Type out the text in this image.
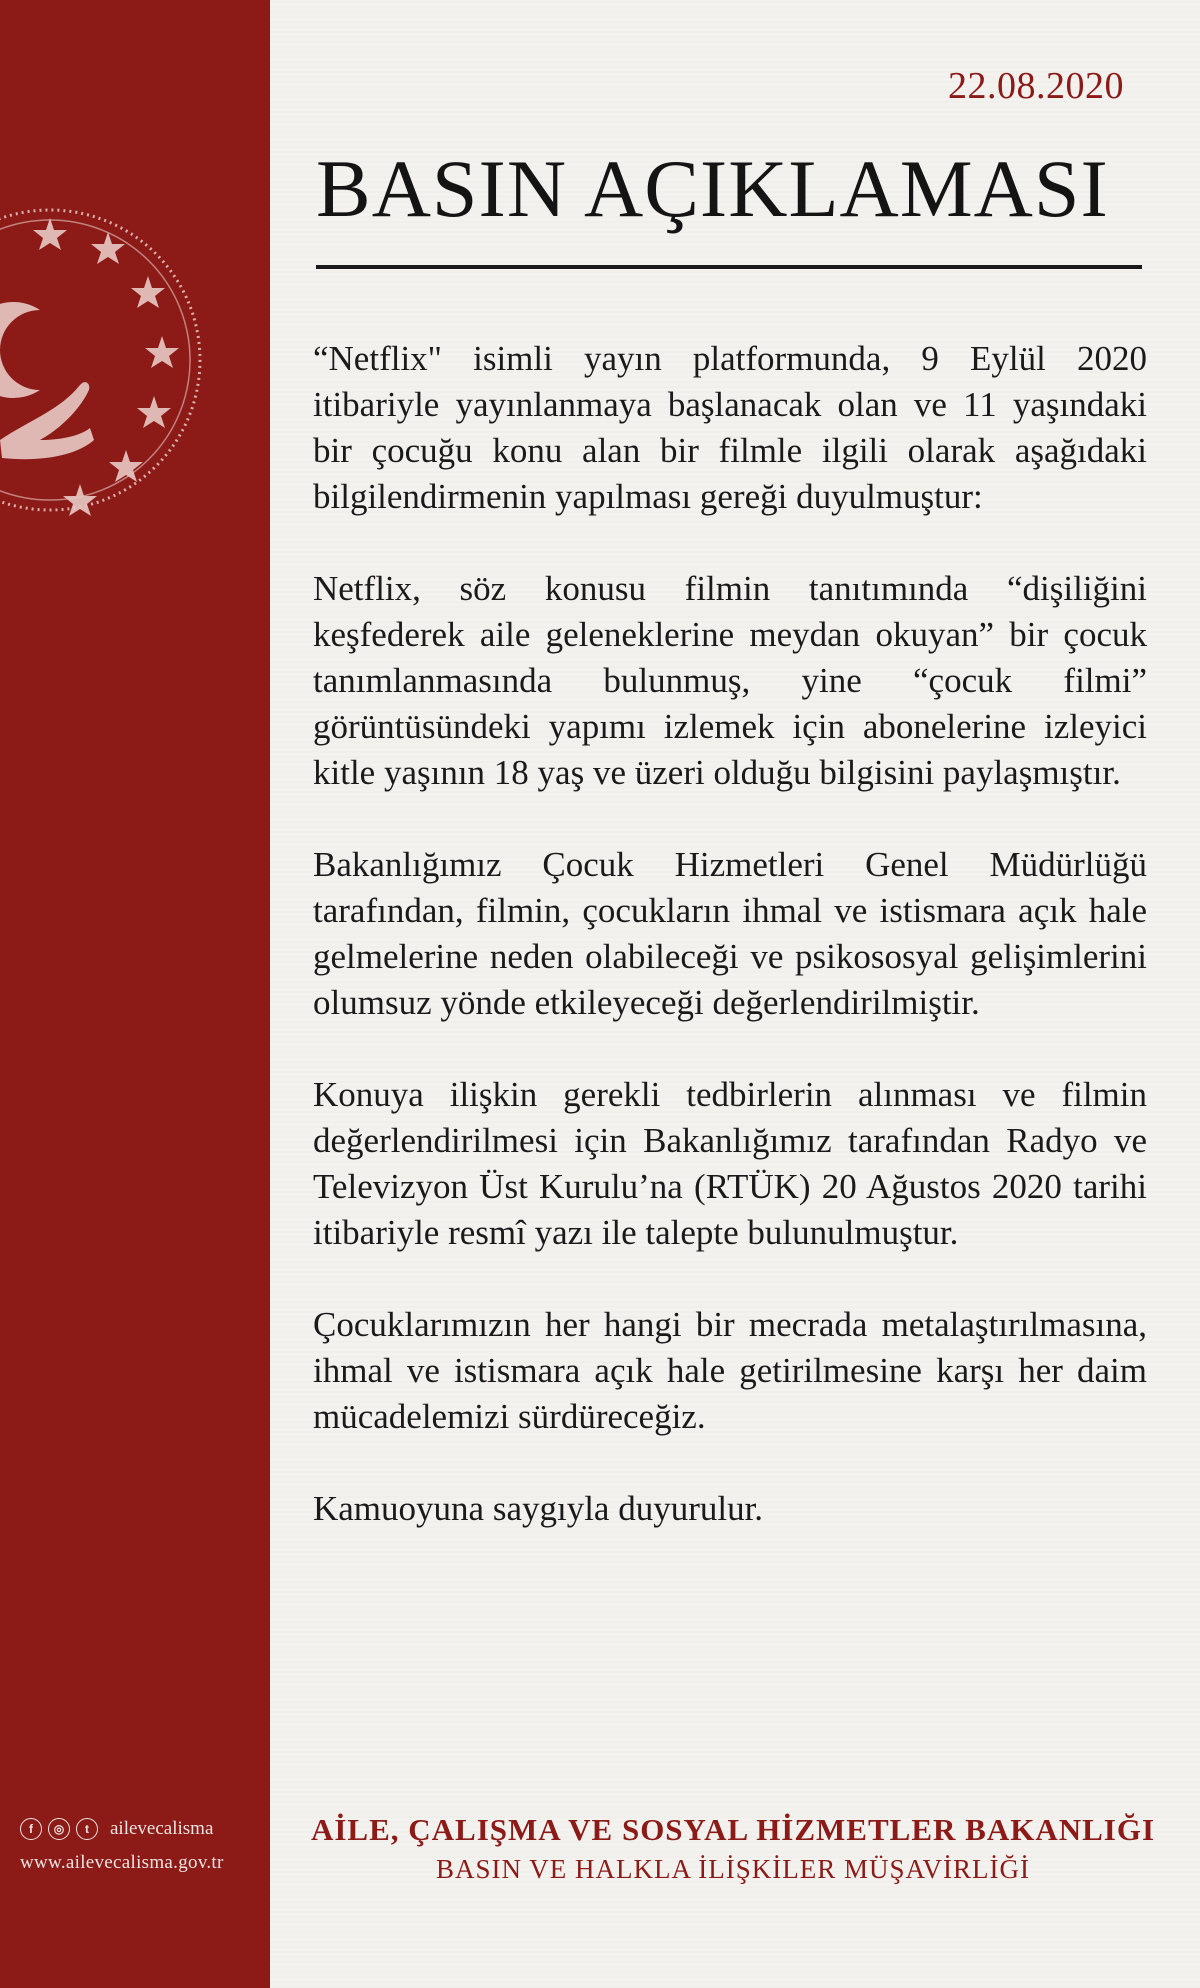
f	◎	t	ailevecalisma
www.ailevecalisma.gov.tr
22.08.2020
BASIN AÇIKLAMASI

“Netflix" isimli yayın platformunda, 9 Eylül 2020 itibariyle yayınlanmaya başlanacak olan ve 11 yaşındaki bir çocuğu konu alan bir filmle ilgili olarak aşağıdaki bilgilendirmenin yapılması gereği duyulmuştur:

Netflix, söz konusu filmin tanıtımında “dişiliğini keşfederek aile geleneklerine meydan okuyan” bir çocuk tanımlanmasında bulunmuş, yine “çocuk filmi” görüntüsündeki yapımı izlemek için abonelerine izleyici kitle yaşının 18 yaş ve üzeri olduğu bilgisini paylaşmıştır.

Bakanlığımız Çocuk Hizmetleri Genel Müdürlüğü tarafından, filmin, çocukların ihmal ve istismara açık hale gelmelerine neden olabileceği ve psikososyal gelişimlerini olumsuz yönde etkileyeceği değerlendirilmiştir.

Konuya ilişkin gerekli tedbirlerin alınması ve filmin değerlendirilmesi için Bakanlığımız tarafından Radyo ve Televizyon Üst Kurulu’na (RTÜK) 20 Ağustos 2020 tarihi itibariyle resmî yazı ile talepte bulunulmuştur.

Çocuklarımızın her hangi bir mecrada metalaştırılmasına, ihmal ve istismara açık hale getirilmesine karşı her daim mücadelemizi sürdüreceğiz.

Kamuoyuna saygıyla duyurulur.

AİLE, ÇALIŞMA VE SOSYAL HİZMETLER BAKANLIĞI
BASIN VE HALKLA İLİŞKİLER MÜŞAVİRLİĞİ
